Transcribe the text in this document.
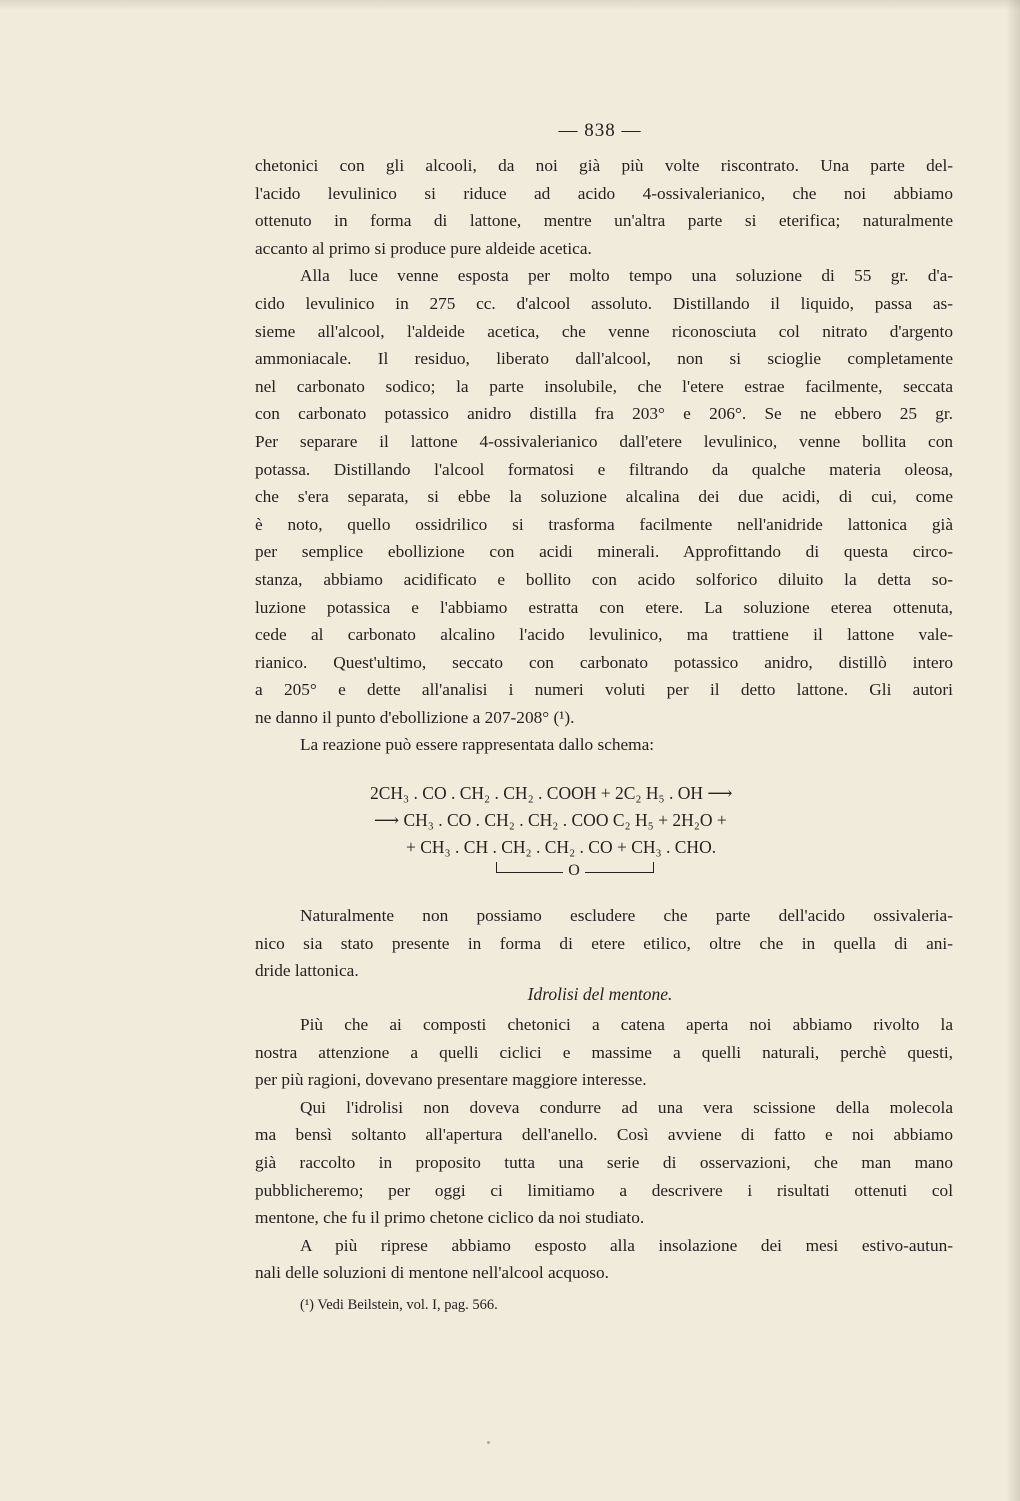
— 838 —

chetonici con gli alcooli, da noi già più volte riscontrato. Una parte del-
l'acido levulinico si riduce ad acido 4-ossivalerianico, che noi abbiamo
ottenuto in forma di lattone, mentre un'altra parte si eterifica; naturalmente
accanto al primo si produce pure aldeide acetica.

Alla luce venne esposta per molto tempo una soluzione di 55 gr. d'a-
cido levulinico in 275 cc. d'alcool assoluto. Distillando il liquido, passa as-
sieme all'alcool, l'aldeide acetica, che venne riconosciuta col nitrato d'argento
ammoniacale. Il residuo, liberato dall'alcool, non si scioglie completamente
nel carbonato sodico; la parte insolubile, che l'etere estrae facilmente, seccata
con carbonato potassico anidro distilla fra 203° e 206°. Se ne ebbero 25 gr.
Per separare il lattone 4-ossivalerianico dall'etere levulinico, venne bollita con
potassa. Distillando l'alcool formatosi e filtrando da qualche materia oleosa,
che s'era separata, si ebbe la soluzione alcalina dei due acidi, di cui, come
è noto, quello ossidrilico si trasforma facilmente nell'anidride lattonica già
per semplice ebollizione con acidi minerali. Approfittando di questa circo-
stanza, abbiamo acidificato e bollito con acido solforico diluito la detta so-
luzione potassica e l'abbiamo estratta con etere. La soluzione eterea ottenuta,
cede al carbonato alcalino l'acido levulinico, ma trattiene il lattone vale-
rianico. Quest'ultimo, seccato con carbonato potassico anidro, distillò intero
a 205° e dette all'analisi i numeri voluti per il detto lattone. Gli autori
ne danno il punto d'ebollizione a 207-208° (¹).

La reazione può essere rappresentata dallo schema:

2CH₃ . CO . CH₂ . CH₂ . COOH + 2C₂ H₅ . OH ⟶
⟶ CH₃ . CO . CH₂ . CH₂ . COO C₂ H₅ + 2H₂O +
+ CH₃ . CH . CH₂ . CH₂ . CO + CH₃ . CHO.
O

Naturalmente non possiamo escludere che parte dell'acido ossivaleria-
nico sia stato presente in forma di etere etilico, oltre che in quella di ani-
dride lattonica.

Idrolisi del mentone.

Più che ai composti chetonici a catena aperta noi abbiamo rivolto la
nostra attenzione a quelli ciclici e massime a quelli naturali, perchè questi,
per più ragioni, dovevano presentare maggiore interesse.

Qui l'idrolisi non doveva condurre ad una vera scissione della molecola
ma bensì soltanto all'apertura dell'anello. Così avviene di fatto e noi abbiamo
già raccolto in proposito tutta una serie di osservazioni, che man mano
pubblicheremo; per oggi ci limitiamo a descrivere i risultati ottenuti col
mentone, che fu il primo chetone ciclico da noi studiato.

A più riprese abbiamo esposto alla insolazione dei mesi estivo-autun-
nali delle soluzioni di mentone nell'alcool acquoso.

(¹) Vedi Beilstein, vol. I, pag. 566.
